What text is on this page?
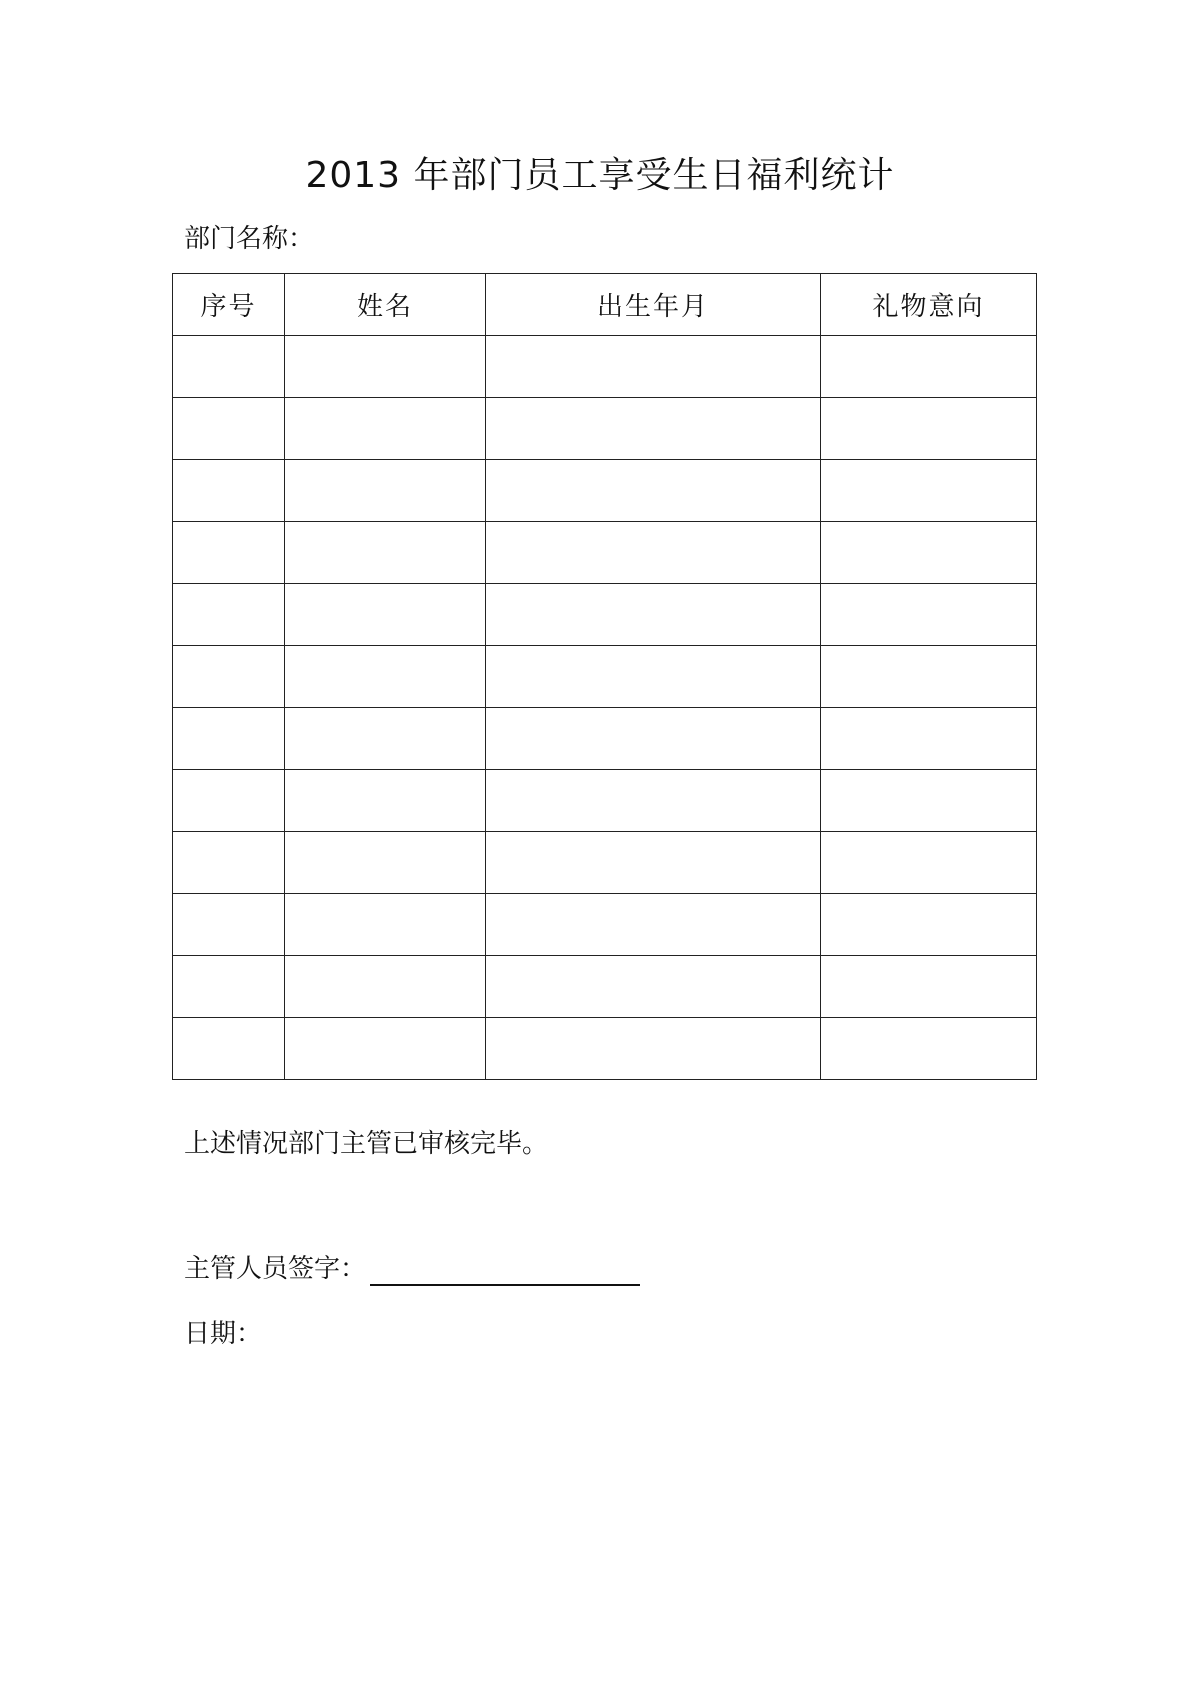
2013 年部门员工享受生日福利统计
部门名称：
序号	姓名	出生年月	礼物意向

上述情况部门主管已审核完毕。
主管人员签字：
日期：
